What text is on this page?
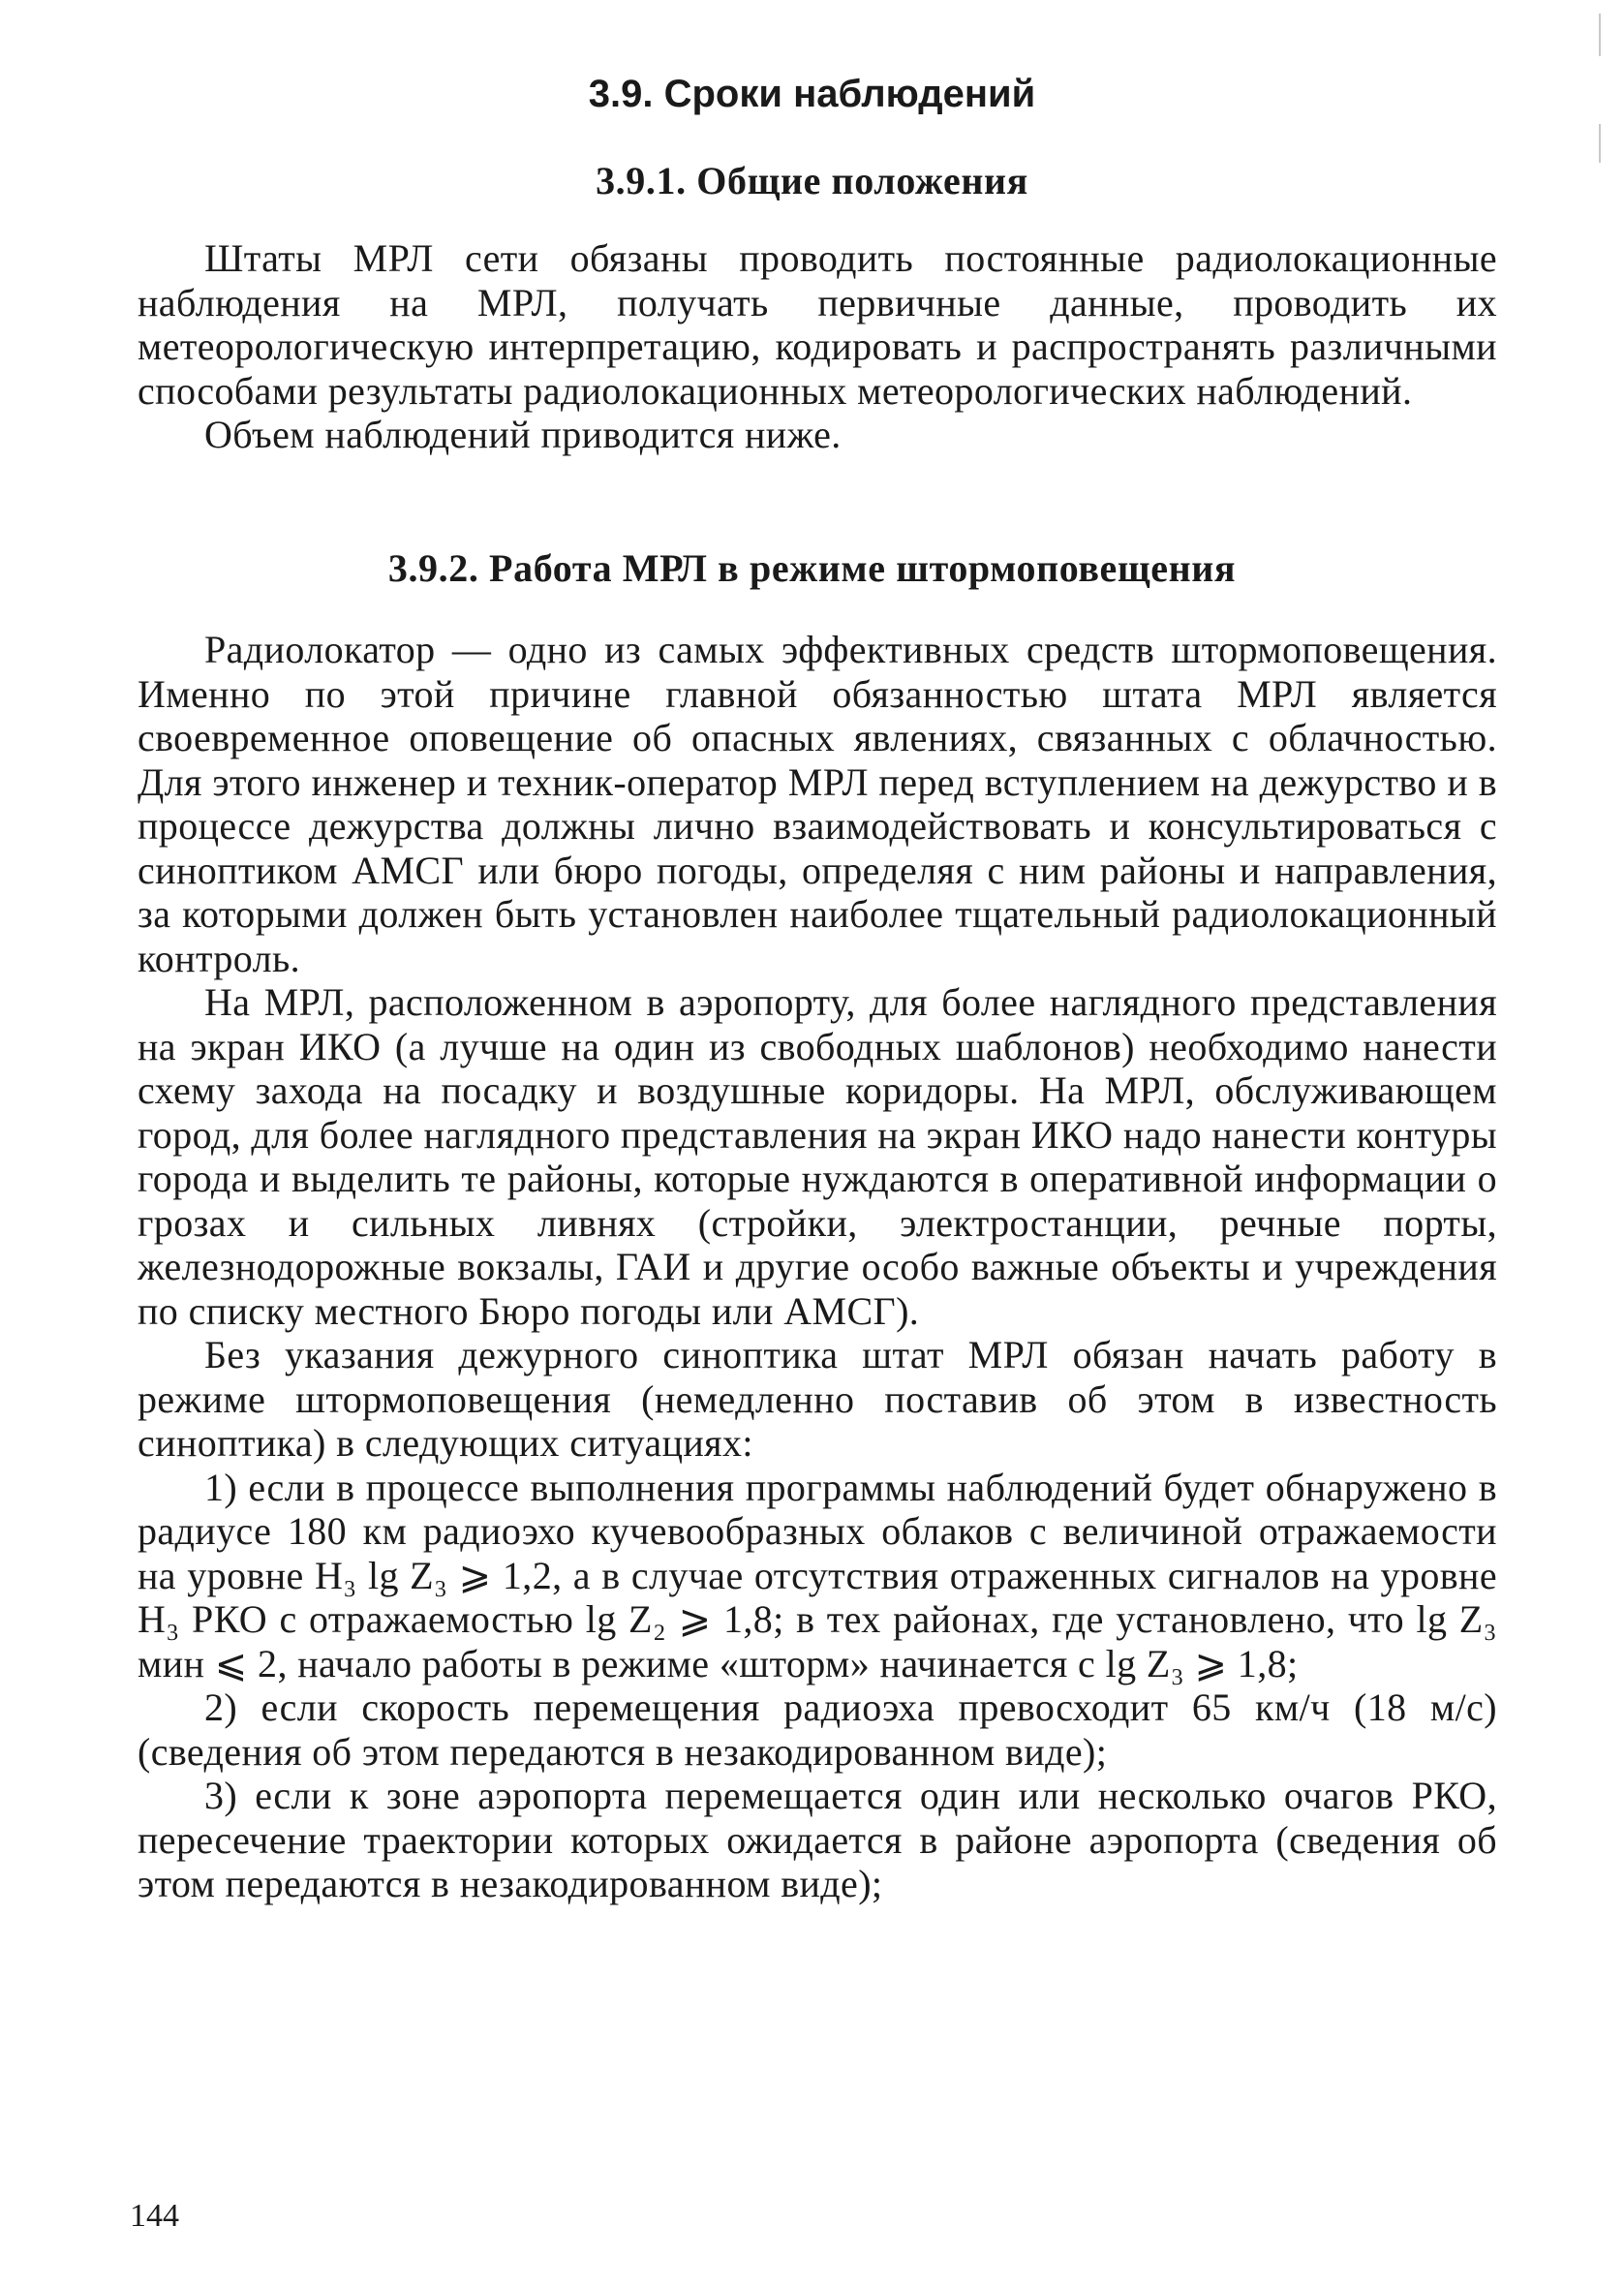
3.9. Сроки наблюдений
3.9.1. Общие положения

Штаты МРЛ сети обязаны проводить постоянные радиолокационные наблюдения на МРЛ, получать первичные данные, проводить их метеорологическую интерпретацию, кодировать и распространять различными способами результаты радиолокационных метеорологических наблюдений.

Объем наблюдений приводится ниже.

3.9.2. Работа МРЛ в режиме штормоповещения

Радиолокатор — одно из самых эффективных средств штормоповещения. Именно по этой причине главной обязанностью штата МРЛ является своевременное оповещение об опасных явлениях, связанных с облачностью. Для этого инженер и техник-оператор МРЛ перед вступлением на дежурство и в процессе дежурства должны лично взаимодействовать и консультироваться с синоптиком АМСГ или бюро погоды, определяя с ним районы и направления, за которыми должен быть установлен наиболее тщательный радиолокационный контроль.

На МРЛ, расположенном в аэропорту, для более наглядного представления на экран ИКО (а лучше на один из свободных шаблонов) необходимо нанести схему захода на посадку и воздушные коридоры. На МРЛ, обслуживающем город, для более наглядного представления на экран ИКО надо нанести контуры города и выделить те районы, которые нуждаются в оперативной информации о грозах и сильных ливнях (стройки, электростанции, речные порты, железнодорожные вокзалы, ГАИ и другие особо важные объекты и учреждения по списку местного Бюро погоды или АМСГ).

Без указания дежурного синоптика штат МРЛ обязан начать работу в режиме штормоповещения (немедленно поставив об этом в известность синоптика) в следующих ситуациях:

1) если в процессе выполнения программы наблюдений будет обнаружено в радиусе 180 км радиоэхо кучевообразных облаков с величиной отражаемости на уровне H₃ lg Z₃ ⩾ 1,2, а в случае отсутствия отраженных сигналов на уровне H₃ РКО с отражаемостью lg Z₂ ⩾ 1,8; в тех районах, где установлено, что lg Z₃ мин ⩽ 2, начало работы в режиме «шторм» начинается с lg Z₃ ⩾ 1,8;

2) если скорость перемещения радиоэха превосходит 65 км/ч (18 м/с) (сведения об этом передаются в незакодированном виде);

3) если к зоне аэропорта перемещается один или несколько очагов РКО, пересечение траектории которых ожидается в районе аэропорта (сведения об этом передаются в незакодированном виде);

144
